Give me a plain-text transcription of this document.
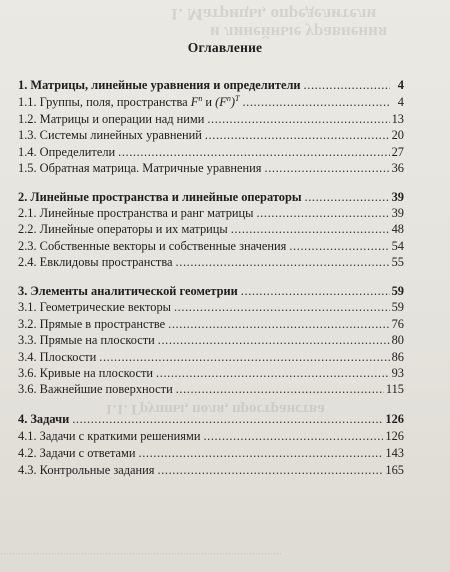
1. Матрицы, определители
и линейные уравнения
1.1. Группы, поля, пространства
..............................................................................................
Оглавление
1. Матрицы, линейные уравнения и определители .....	4
1.1. Группы, поля, пространства $F^n$ и $(F^n)^T$ .....	4
1.2. Матрицы и операции над ними .....	13
1.3. Системы линейных уравнений .....	20
1.4. Определители .....	27
1.5. Обратная матрица. Матричные уравнения .....	36
2. Линейные пространства и линейные операторы .....	39
2.1. Линейные пространства и ранг матрицы .....	39
2.2. Линейные операторы и их матрицы .....	48
2.3. Собственные векторы и собственные значения .....	54
2.4. Евклидовы пространства .....	55
3. Элементы аналитической геометрии .....	59
3.1. Геометрические векторы .....	59
3.2. Прямые в пространстве .....	76
3.3. Прямые на плоскости .....	80
3.4. Плоскости .....	86
3.6. Кривые на плоскости .....	93
3.6. Важнейшие поверхности .....	115
4. Задачи .....	126
4.1. Задачи с краткими решениями .....	126
4.2. Задачи с ответами .....	143
4.3. Контрольные задания .....	165
